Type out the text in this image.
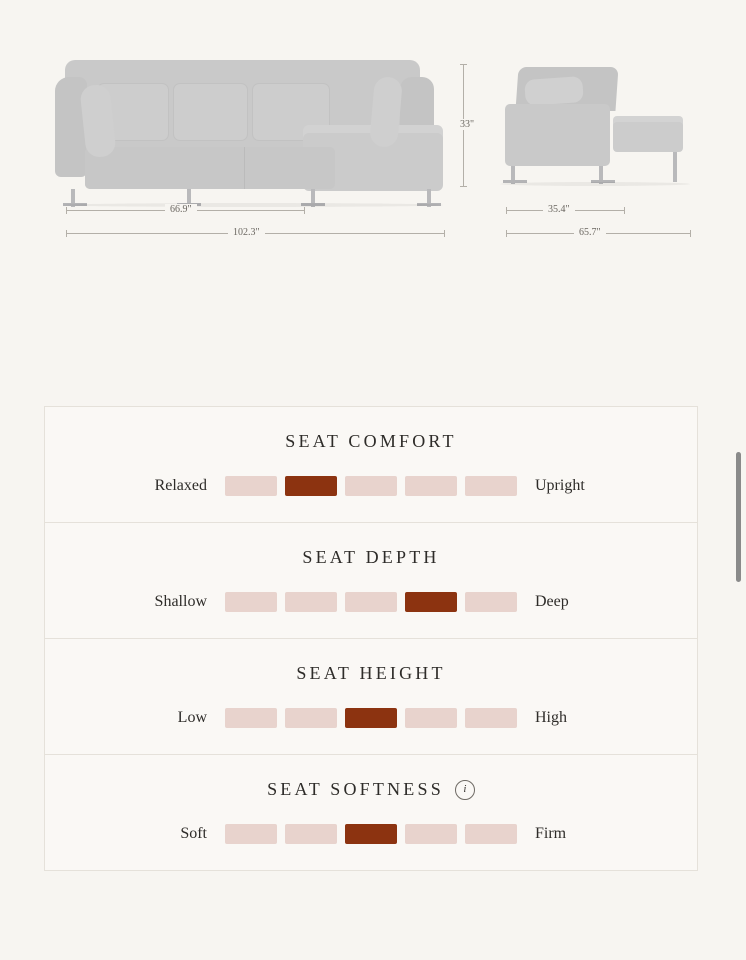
33"
66.9"
102.3"
35.4"
65.7"
SEAT COMFORT
Relaxed	Upright
SEAT DEPTH
Shallow	Deep
SEAT HEIGHT
Low	High
SEAT SOFTNESS	i
Soft	Firm
